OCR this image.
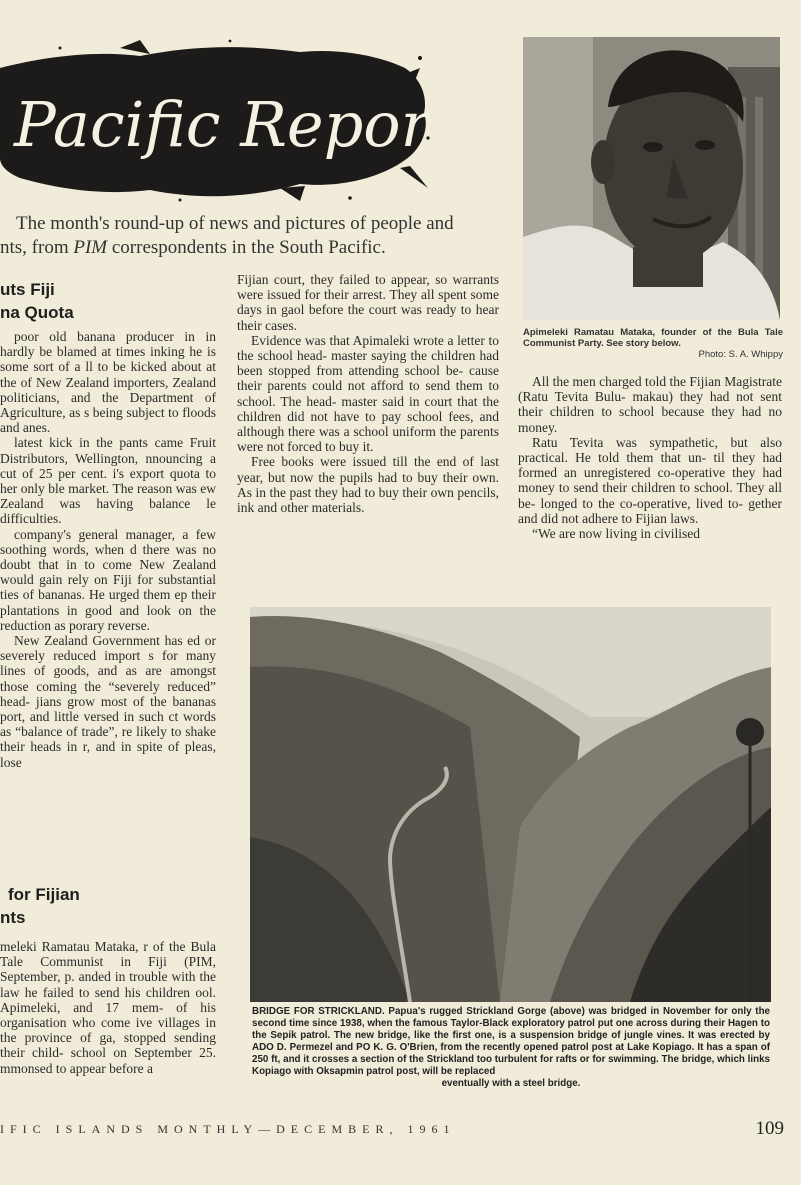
Pacific Report
The month's round-up of news and pictures of people and
nts, from PIM correspondents in the South Pacific.
Apimeleki Ramatau Mataka, founder of the Bula Tale Communist Party. See story below.
Photo: S. A. Whippy
uts Fiji
na Quota

poor old banana producer in in hardly be blamed at times inking he is some sort of a ll to be kicked about at the of New Zealand importers, Zealand politicians, and the Department of Agriculture, as s being subject to floods and anes.

latest kick in the pants came Fruit Distributors, Wellington, nnouncing a cut of 25 per cent. i's export quota to her only ble market. The reason was ew Zealand was having balance le difficulties.

company's general manager, a few soothing words, when d there was no doubt that in to come New Zealand would gain rely on Fiji for substantial ties of bananas. He urged them ep their plantations in good and look on the reduction as porary reverse.

New Zealand Government has ed or severely reduced import s for many lines of goods, and as are amongst those coming the “severely reduced” head- jians grow most of the bananas port, and little versed in such ct words as “balance of trade”, re likely to shake their heads in r, and in spite of pleas, lose

for Fijian
nts

meleki Ramatau Mataka, r of the Bula Tale Communist in Fiji (PIM, September, p. anded in trouble with the law he failed to send his children ool. Apimeleki, and 17 mem- of his organisation who come ive villages in the province of ga, stopped sending their child- school on September 25. mmonsed to appear before a

Fijian court, they failed to appear, so warrants were issued for their arrest. They all spent some days in gaol before the court was ready to hear their cases.

Evidence was that Apimaleki wrote a letter to the school head- master saying the children had been stopped from attending school be- cause their parents could not afford to send them to school. The head- master said in court that the children did not have to pay school fees, and although there was a school uniform the parents were not forced to buy it.

Free books were issued till the end of last year, but now the pupils had to buy their own. As in the past they had to buy their own pencils, ink and other materials.

All the men charged told the Fijian Magistrate (Ratu Tevita Bulu- makau) they had not sent their children to school because they had no money.

Ratu Tevita was sympathetic, but also practical. He told them that un- til they had formed an unregistered co-operative they had money to send their children to school. They all be- longed to the co-operative, lived to- gether and did not adhere to Fijian laws.

“We are now living in civilised

BRIDGE FOR STRICKLAND. Papua's rugged Strickland Gorge (above) was bridged in November for only the second time since 1938, when the famous Taylor-Black exploratory patrol put one across during their Hagen to the Sepik patrol. The new bridge, like the first one, is a suspension bridge of jungle vines. It was erected by ADO D. Permezel and PO K. G. O'Brien, from the recently opened patrol post at Lake Kopiago. It has a span of 250 ft, and it crosses a section of the Strickland too turbulent for rafts or for swimming. The bridge, which links Kopiago with Oksapmin patrol post, will be replaced
eventually with a steel bridge.
IFIC ISLANDS MONTHLY—DECEMBER, 1961	109
